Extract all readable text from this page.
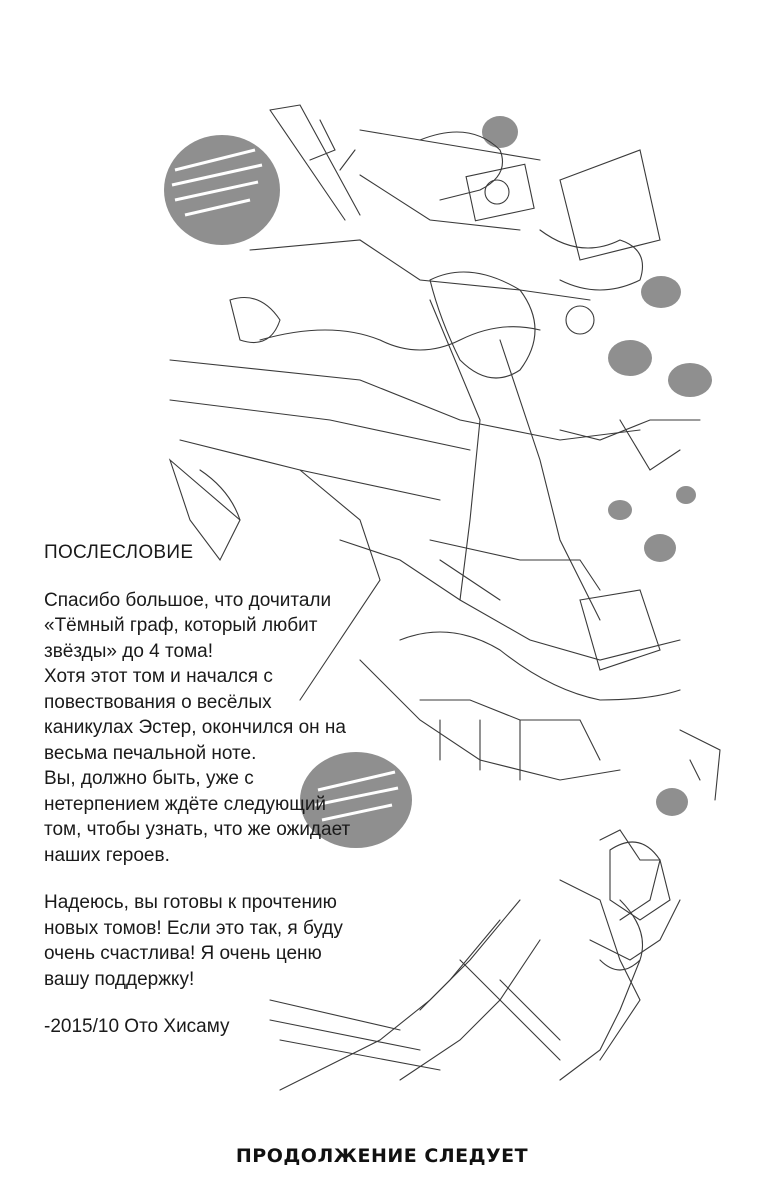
ПОСЛЕСЛОВИЕ
Спасибо большое, что дочитали
«Тёмный граф, который любит
звёзды» до 4 тома!
Хотя этот том и начался с
повествования о весёлых
каникулах Эстер, окончился он на
весьма печальной ноте.
Вы, должно быть, уже с
нетерпением ждёте следующий
том, чтобы узнать, что же ожидает
наших героев.
Надеюсь, вы готовы к прочтению
новых томов! Если это так, я буду
очень счастлива! Я очень ценю
вашу поддержку!
-2015/10 Ото Хисаму
ПРОДОЛЖЕНИЕ СЛЕДУЕТ
